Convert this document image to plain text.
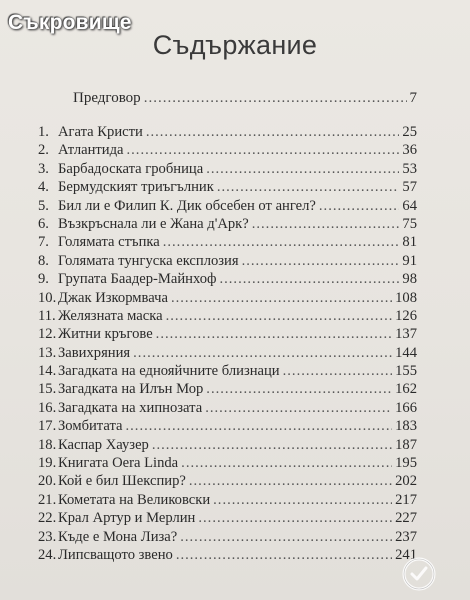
Съкровище
Съдържание
Предговор .....	7
1. Агата Кристи .....	25
2. Атлантида .....	36
3. Барбадоската гробница .....	53
4. Бермудският триъгълник .....	57
5. Бил ли е Филип К. Дик обсебен от ангел? .....	64
6. Възкръснала ли е Жана д'Арк? .....	75
7. Голямата стъпка .....	81
8. Голямата тунгуска експлозия .....	91
9. Групата Баадер-Майнхоф .....	98
10. Джак Изкормвача .....	108
11. Желязната маска .....	126
12. Житни кръгове .....	137
13. Завихряния .....	144
14. Загадката на еднояйчните близнаци .....	155
15. Загадката на Илън Мор .....	162
16. Загадката на хипнозата .....	166
17. Зомбитата .....	183
18. Каспар Хаузер .....	187
19. Книгата Oera Linda .....	195
20. Кой е бил Шекспир? .....	202
21. Кометата на Великовски .....	217
22. Крал Артур и Мерлин .....	227
23. Къде е Мона Лиза? .....	237
24. Липсващото звено .....	241
